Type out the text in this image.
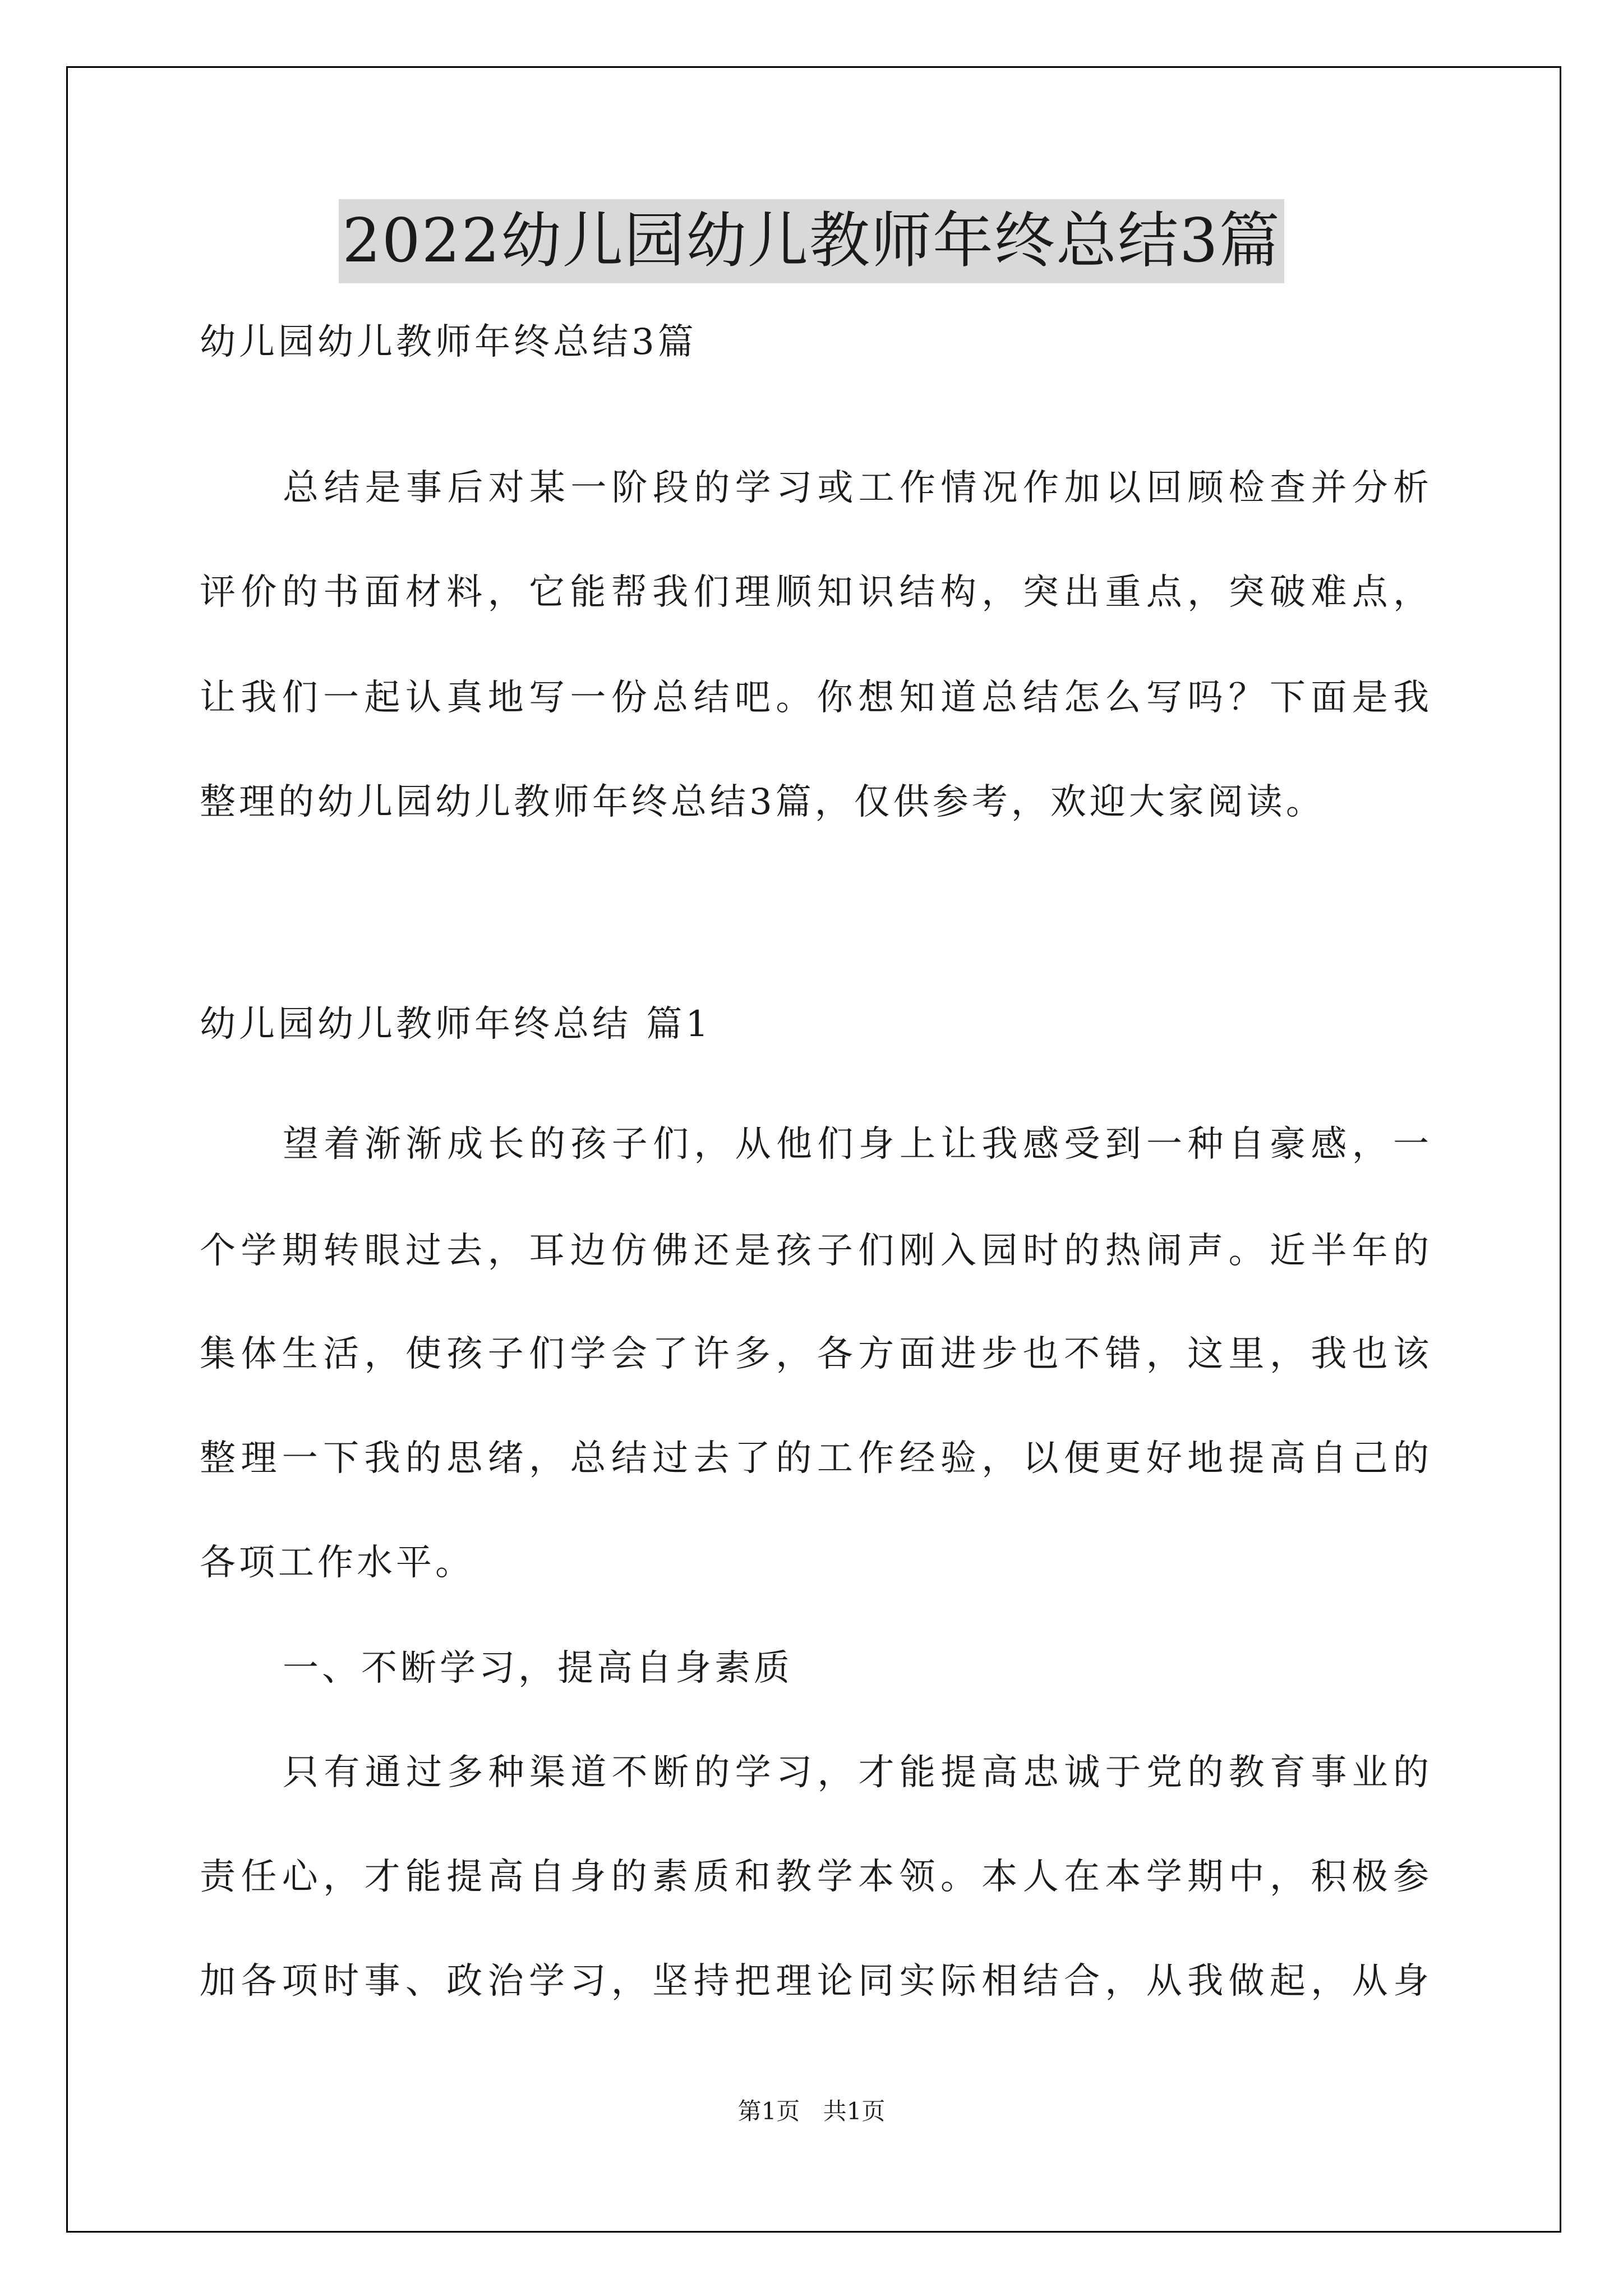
2022幼儿园幼儿教师年终总结3篇
幼儿园幼儿教师年终总结3篇
总结是事后对某一阶段的学习或工作情况作加以回顾检查并分析
评价的书面材料，它能帮我们理顺知识结构，突出重点，突破难点，
让我们一起认真地写一份总结吧。你想知道总结怎么写吗？下面是我
整理的幼儿园幼儿教师年终总结3篇，仅供参考，欢迎大家阅读。
幼儿园幼儿教师年终总结 篇1
望着渐渐成长的孩子们，从他们身上让我感受到一种自豪感，一
个学期转眼过去，耳边仿佛还是孩子们刚入园时的热闹声。近半年的
集体生活，使孩子们学会了许多，各方面进步也不错，这里，我也该
整理一下我的思绪，总结过去了的工作经验，以便更好地提高自己的
各项工作水平。
一、不断学习，提高自身素质
只有通过多种渠道不断的学习，才能提高忠诚于党的教育事业的
责任心，才能提高自身的素质和教学本领。本人在本学期中，积极参
加各项时事、政治学习，坚持把理论同实际相结合，从我做起，从身
第1页 共1页
